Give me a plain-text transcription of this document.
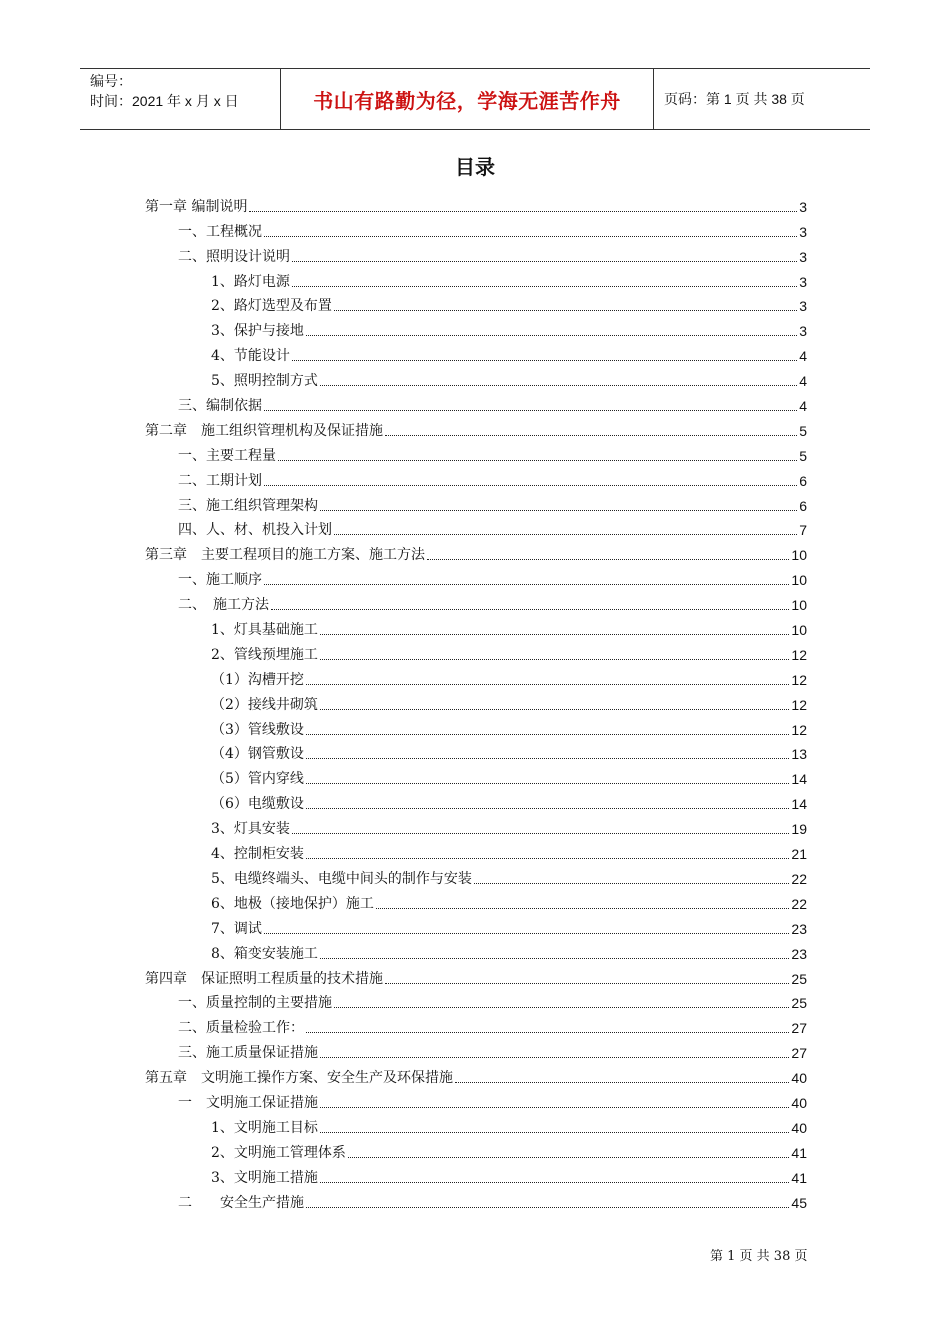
编号：
时间：2021 年 x 月 x 日	书山有路勤为径，学海无涯苦作舟	页码：第 1 页 共 38 页
目录
第一章 编制说明	3
一、工程概况	3
二、照明设计说明	3
1、路灯电源	3
2、路灯选型及布置	3
3、保护与接地	3
4、节能设计	4
5、照明控制方式	4
三、编制依据	4
第二章　施工组织管理机构及保证措施	5
一、主要工程量	5
二、工期计划	6
三、施工组织管理架构	6
四、人、材、机投入计划	7
第三章　主要工程项目的施工方案、施工方法	10
一、施工顺序	10
二、　施工方法	10
1、灯具基础施工	10
2、管线预埋施工	12
（1）沟槽开挖	12
（2）接线井砌筑	12
（3）管线敷设	12
（4）钢管敷设	13
（5）管内穿线	14
（6）电缆敷设	14
3、灯具安装	19
4、控制柜安装	21
5、电缆终端头、电缆中间头的制作与安装	22
6、地极（接地保护）施工	22
7、调试	23
8、箱变安装施工	23
第四章　保证照明工程质量的技术措施	25
一、质量控制的主要措施	25
二、质量检验工作：	27
三、施工质量保证措施	27
第五章　文明施工操作方案、安全生产及环保措施	40
一　文明施工保证措施	40
1、文明施工目标	40
2、文明施工管理体系	41
3、文明施工措施	41
二　　安全生产措施	45
第 1 页 共 38 页
